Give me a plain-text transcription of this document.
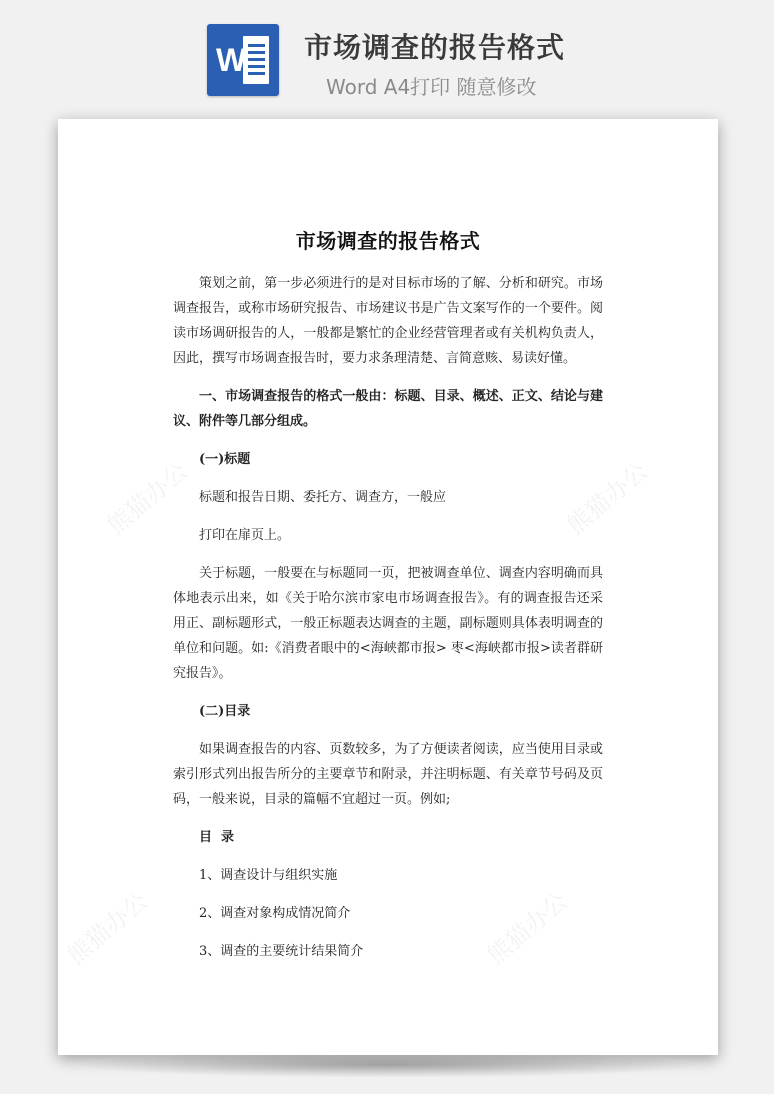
W 市场调查的报告格式
Word A4打印 随意修改
熊猫办公	熊猫办公
熊猫办公	熊猫办公
市场调查的报告格式

策划之前，第一步必须进行的是对目标市场的了解、分析和研究。市场调查报告，或称市场研究报告、市场建议书是广告文案写作的一个要件。阅读市场调研报告的人，一般都是繁忙的企业经营管理者或有关机构负责人，因此，撰写市场调查报告时，要力求条理清楚、言简意赅、易读好懂。

一、市场调查报告的格式一般由：标题、目录、概述、正文、结论与建议、附件等几部分组成。

(一)标题
标题和报告日期、委托方、调查方，一般应
打印在扉页上。

关于标题，一般要在与标题同一页，把被调查单位、调查内容明确而具体地表示出来，如《关于哈尔滨市家电市场调查报告》。有的调查报告还采用正、副标题形式，一般正标题表达调查的主题，副标题则具体表明调查的单位和问题。如:《消费者眼中的<海峡都市报> 枣<海峡都市报>读者群研究报告》。

(二)目录

如果调查报告的内容、页数较多，为了方便读者阅读，应当使用目录或索引形式列出报告所分的主要章节和附录，并注明标题、有关章节号码及页码，一般来说，目录的篇幅不宜超过一页。例如;

目  录
1、调查设计与组织实施
2、调查对象构成情况简介
3、调查的主要统计结果简介
